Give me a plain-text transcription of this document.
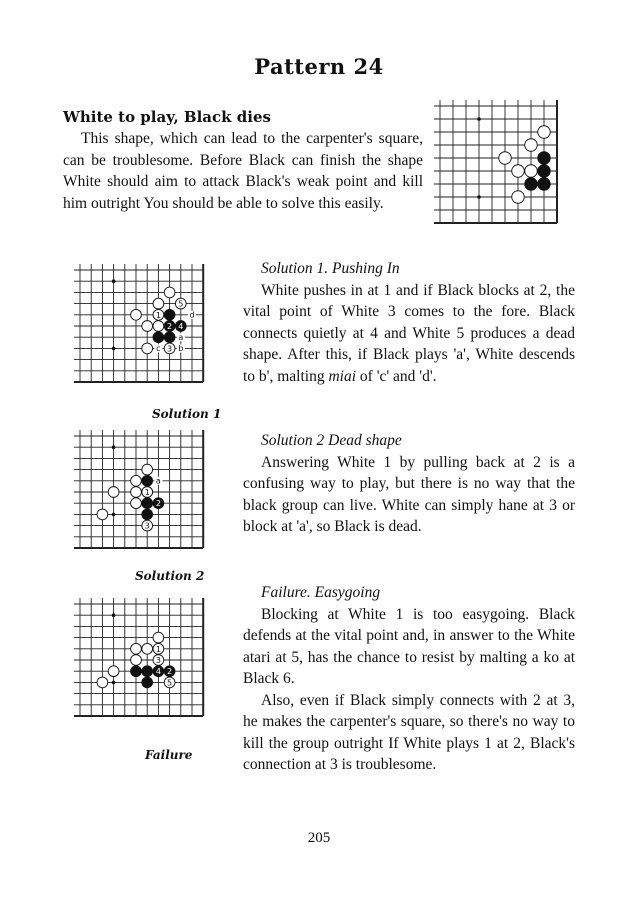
Pattern 24
White to play, Black dies

This shape, which can lead to the carpenter's square, can be troublesome. Before Black can finish the shape White should aim to attack Black's weak point and kill him outright You should be able to solve this easily.

1
3
5
2 4
d
a
b
c
Solution 1

Solution 1. Pushing In

White pushes in at 1 and if Black blocks at 2, the vital point of White 3 comes to the fore. Black connects quietly at 4 and White 5 produces a dead shape. After this, if Black plays 'a', White descends to b', malting miai of 'c' and 'd'.

1
3
2
a
Solution 2

Solution 2 Dead shape

Answering White 1 by pulling back at 2 is a confusing way to play, but there is no way that the black group can live. White can simply hane at 3 or block at 'a', so Black is dead.

1
3
5
4 2
Failure

Failure. Easygoing

Blocking at White 1 is too easygoing. Black defends at the vital point and, in answer to the White atari at 5, has the chance to resist by malting a ko at Black 6.

Also, even if Black simply connects with 2 at 3, he makes the carpenter's square, so there's no way to kill the group outright If White plays 1 at 2, Black's connection at 3 is troublesome.

205
